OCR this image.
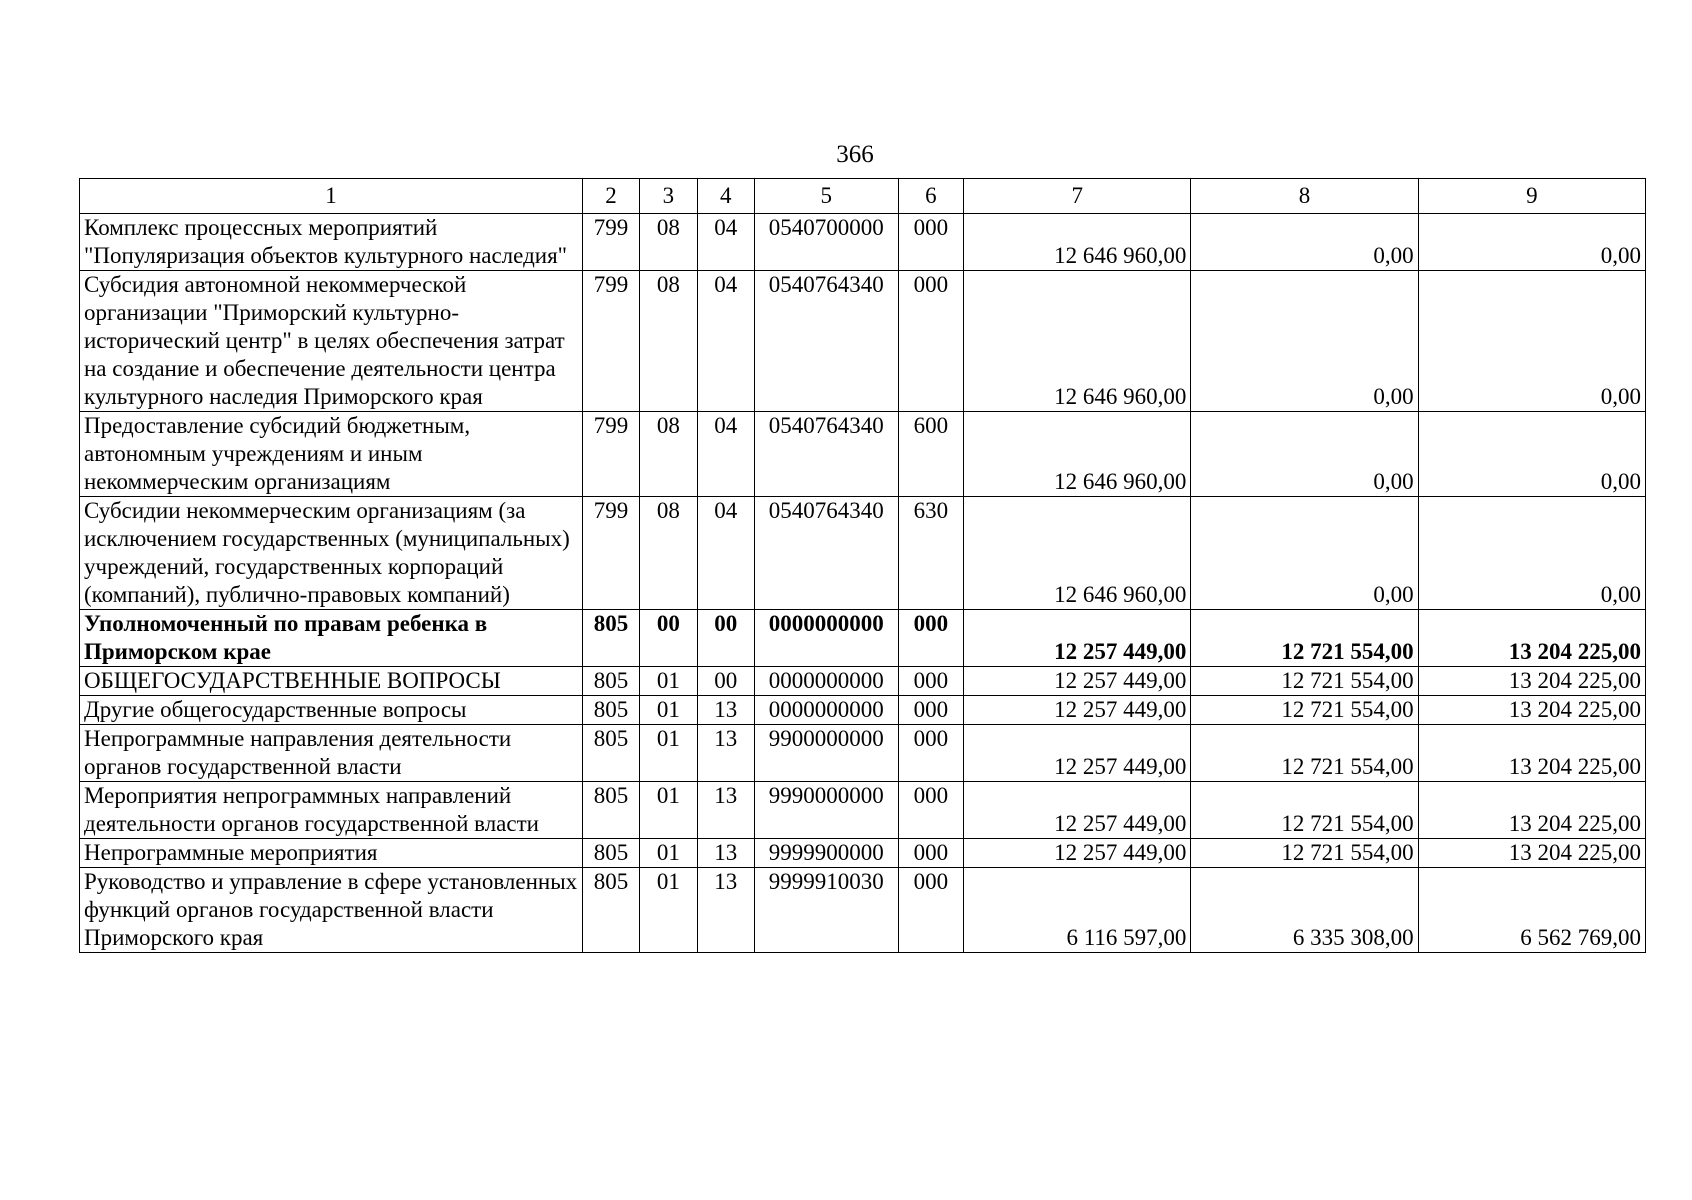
366
1	2	3	4	5	6	7	8	9
Комплекс процессных мероприятий "Популяризация объектов культурного наследия"	799	08	04	0540700000	000	12 646 960,00	0,00	0,00
Субсидия автономной некоммерческой организации "Приморский культурно-исторический центр" в целях обеспечения затрат на создание и обеспечение деятельности центра культурного наследия Приморского края	799	08	04	0540764340	000	12 646 960,00	0,00	0,00
Предоставление субсидий бюджетным, автономным учреждениям и иным некоммерческим организациям	799	08	04	0540764340	600	12 646 960,00	0,00	0,00
Субсидии некоммерческим организациям (за исключением государственных (муниципальных) учреждений, государственных корпораций (компаний), публично-правовых компаний)	799	08	04	0540764340	630	12 646 960,00	0,00	0,00
Уполномоченный по правам ребенка в Приморском крае	805	00	00	0000000000	000	12 257 449,00	12 721 554,00	13 204 225,00
ОБЩЕГОСУДАРСТВЕННЫЕ ВОПРОСЫ	805	01	00	0000000000	000	12 257 449,00	12 721 554,00	13 204 225,00
Другие общегосударственные вопросы	805	01	13	0000000000	000	12 257 449,00	12 721 554,00	13 204 225,00
Непрограммные направления деятельности органов государственной власти	805	01	13	9900000000	000	12 257 449,00	12 721 554,00	13 204 225,00
Мероприятия непрограммных направлений деятельности органов государственной власти	805	01	13	9990000000	000	12 257 449,00	12 721 554,00	13 204 225,00
Непрограммные мероприятия	805	01	13	9999900000	000	12 257 449,00	12 721 554,00	13 204 225,00
Руководство и управление в сфере установленных функций органов государственной власти Приморского края	805	01	13	9999910030	000	6 116 597,00	6 335 308,00	6 562 769,00
